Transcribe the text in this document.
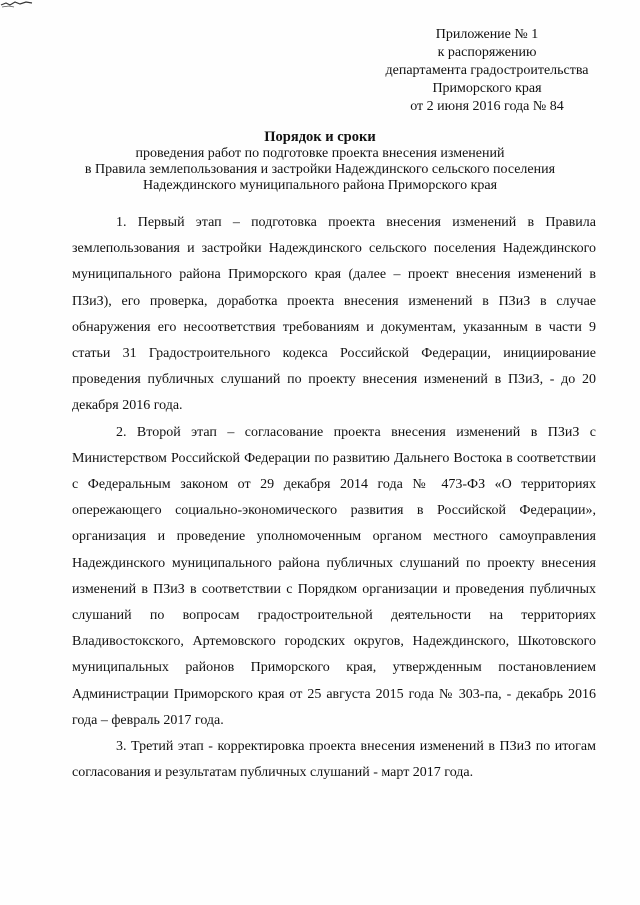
Приложение № 1
к распоряжению
департамента градостроительства
Приморского края
от 2 июня 2016 года № 84
Порядок и сроки
проведения работ по подготовке проекта внесения изменений
в Правила землепользования и застройки Надеждинского сельского поселения
Надеждинского муниципального района Приморского края

1. Первый этап – подготовка проекта внесения изменений в Правила землепользования и застройки Надеждинского сельского поселения Надеждинского муниципального района Приморского края (далее – проект внесения изменений в ПЗиЗ), его проверка, доработка проекта внесения изменений в ПЗиЗ в случае обнаружения его несоответствия требованиям и документам, указанным в части 9 статьи 31 Градостроительного кодекса Российской Федерации, инициирование проведения публичных слушаний по проекту внесения изменений в ПЗиЗ, - до 20 декабря 2016 года.

2. Второй этап – согласование проекта внесения изменений в ПЗиЗ с Министерством Российской Федерации по развитию Дальнего Востока в соответствии с Федеральным законом от 29 декабря 2014 года № 473-ФЗ «О территориях опережающего социально-экономического развития в Российской Федерации», организация и проведение уполномоченным органом местного самоуправления Надеждинского муниципального района публичных слушаний по проекту внесения изменений в ПЗиЗ в соответствии с Порядком организации и проведения публичных слушаний по вопросам градостроительной деятельности на территориях Владивостокского, Артемовского городских округов, Надеждинского, Шкотовского муниципальных районов Приморского края, утвержденным постановлением Администрации Приморского края от 25 августа 2015 года № 303-па, - декабрь 2016 года – февраль 2017 года.

3. Третий этап - корректировка проекта внесения изменений в ПЗиЗ по итогам согласования и результатам публичных слушаний - март 2017 года.
